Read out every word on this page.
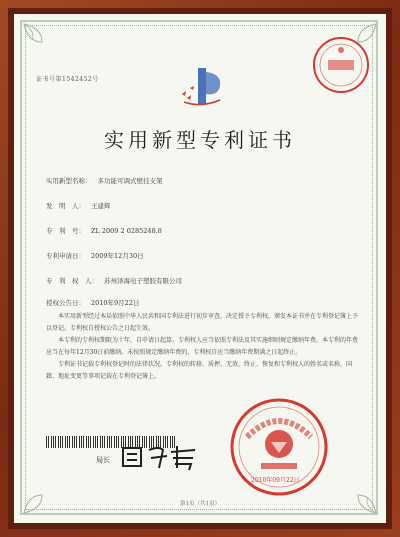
证书号第1542452号
实用新型专利证书
实用新型名称： 多功能可调式壁挂支架
发　明　人： 王建辉
专　利　号： ZL 2009 2 0285248.8
专利申请日： 2009年12月30日
专　利　权　人： 苏州泽海电子塑胶有限公司
授权公告日： 2010年9月22日

本实用新型经过本局依照中华人民共和国专利法进行初步审查，决定授予专利权，颁发本证书并在专利登记簿上予以登记。专利权自授权公告之日起生效。

本专利的专利权期限为十年，自申请日起算。专利权人应当依照专利法及其实施细则规定缴纳年费。本专利的年费应当在每年12月30日前缴纳。未按照规定缴纳年费的，专利权自应当缴纳年费期满之日起终止。

专利证书记载专利权登记时的法律状况。专利权的转移、质押、无效、终止、恢复和专利权人的姓名或名称、国籍、地址变更等事项记载在专利登记簿上。

局长
2010年09月22日
第1页（共1页）
